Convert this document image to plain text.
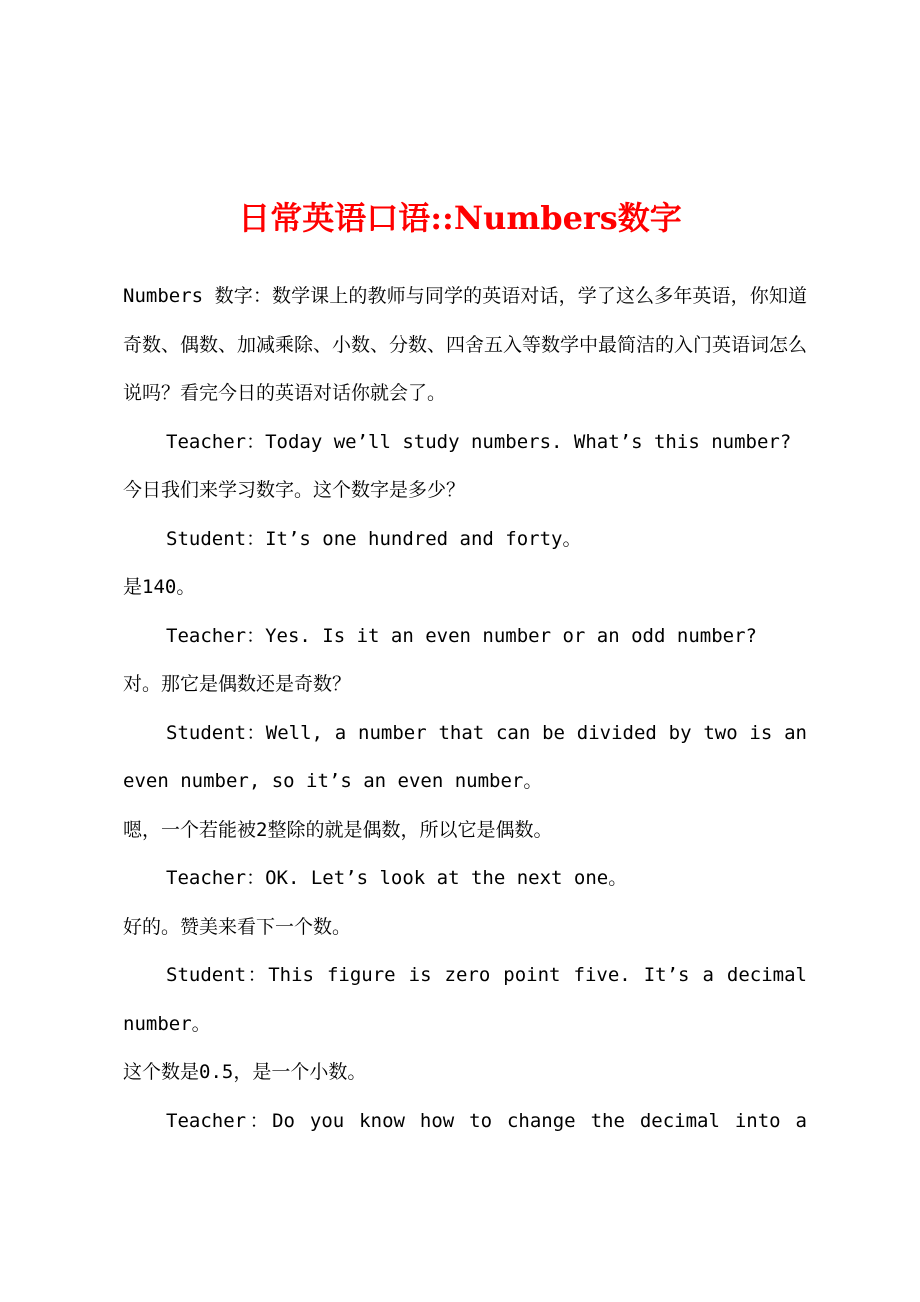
日常英语口语::Numbers数字

Numbers 数字：数学课上的教师与同学的英语对话，学了这么多年英语，你知道奇数、偶数、加减乘除、小数、分数、四舍五入等数学中最简洁的入门英语词怎么说吗？看完今日的英语对话你就会了。

Teacher：Today we’ll study numbers. What’s this number?

今日我们来学习数字。这个数字是多少？

Student：It’s one hundred and forty。

是140。

Teacher：Yes. Is it an even number or an odd number?

对。那它是偶数还是奇数？

Student：Well, a number that can be divided by two is an even number, so it’s an even number。

嗯，一个若能被2整除的就是偶数，所以它是偶数。

Teacher：OK. Let’s look at the next one。

好的。赞美来看下一个数。

Student：This figure is zero point five. It’s a decimal number。

这个数是0.5，是一个小数。

Teacher：Do you know how to change the decimal into a
